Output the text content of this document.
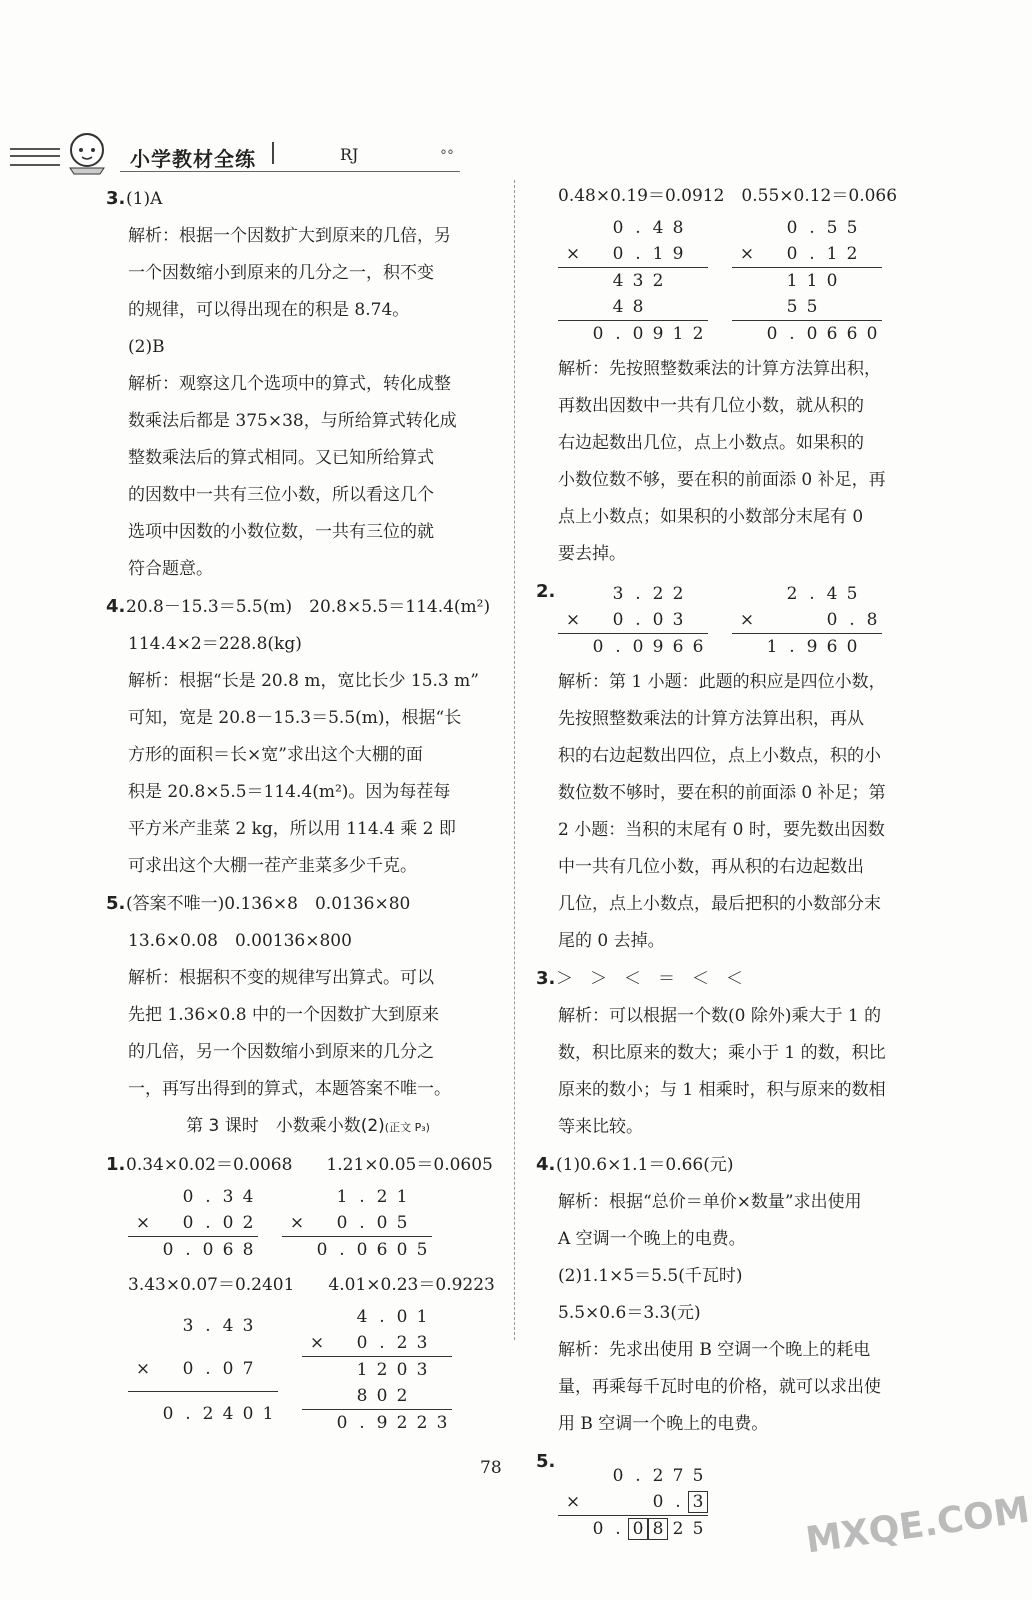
小学教材全练	RJ	°°

3.(1)A

解析：根据一个因数扩大到原来的几倍，另

一个因数缩小到原来的几分之一，积不变

的规律，可以得出现在的积是 8.74。

(2)B

解析：观察这几个选项中的算式，转化成整

数乘法后都是 375×38，与所给算式转化成

整数乘法后的算式相同。又已知所给算式

的因数中一共有三位小数，所以看这几个

选项中因数的小数位数，一共有三位的就

符合题意。

4.20.8－15.3＝5.5(m)　20.8×5.5＝114.4(m²)

114.4×2＝228.8(kg)

解析：根据“长是 20.8 m，宽比长少 15.3 m”

可知，宽是 20.8－15.3＝5.5(m)，根据“长

方形的面积＝长×宽”求出这个大棚的面

积是 20.8×5.5＝114.4(m²)。因为每茬每

平方米产韭菜 2 kg，所以用 114.4 乘 2 即

可求出这个大棚一茬产韭菜多少千克。

5.(答案不唯一)0.136×8　0.0136×80

13.6×0.08　0.00136×800

解析：根据积不变的规律写出算式。可以

先把 1.36×0.8 中的一个因数扩大到原来

的几倍，另一个因数缩小到原来的几分之

一，再写出得到的算式，本题答案不唯一。

第 3 课时　小数乘小数(2)(正文 P₃)

1.0.34×0.02＝0.0068　　1.21×0.05＝0.0605

		0	.	3	4
×		0	.	0	2
	0	.	0	6	8
		1	.	2	1	
×		0	.	0	5	
	0	.	0	6	0	5

3.43×0.07＝0.2401　　4.01×0.23＝0.9223

		3	.	4	3	
×		0	.	0	7	
	0	.	2	4	0	1
		4	.	0	1	
×		0	.	2	3	
		1	2	0	3	
		8	0	2		
	0	.	9	2	2	3

0.48×0.19＝0.0912　0.55×0.12＝0.066

		0	.	4	8	
×		0	.	1	9	
		4	3	2		
		4	8			
	0	.	0	9	1	2
		0	.	5	5	
×		0	.	1	2	
		1	1	0		
		5	5			
	0	.	0	6	6	0

解析：先按照整数乘法的计算方法算出积，

再数出因数中一共有几位小数，就从积的

右边起数出几位，点上小数点。如果积的

小数位数不够，要在积的前面添 0 补足，再

点上小数点；如果积的小数部分末尾有 0

要去掉。

2.

			3	.	2	2	
×		0	.	0	3	
	0	.	0	9	6	6
		2	.	4	5	
×				0	.	8
	1	.	9	6	0	

解析：第 1 小题：此题的积应是四位小数，

先按照整数乘法的计算方法算出积，再从

积的右边起数出四位，点上小数点，积的小

数位数不够时，要在积的前面添 0 补足；第

2 小题：当积的末尾有 0 时，要先数出因数

中一共有几位小数，再从积的右边起数出

几位，点上小数点，最后把积的小数部分末

尾的 0 去掉。

3.＞　＞　＜　＝　＜　＜

解析：可以根据一个数(0 除外)乘大于 1 的

数，积比原来的数大；乘小于 1 的数，积比

原来的数小；与 1 相乘时，积与原来的数相

等来比较。

4.(1)0.6×1.1＝0.66(元)

解析：根据“总价＝单价×数量”求出使用

A 空调一个晚上的电费。

(2)1.1×5＝5.5(千瓦时)

5.5×0.6＝3.3(元)

解析：先求出使用 B 空调一个晚上的耗电

量，再乘每千瓦时电的价格，就可以求出使

用 B 空调一个晚上的电费。

5.

		0	.	2	7	5
×				0	.	3
	0	.	0	8	2	5
78
MXQE.COM
